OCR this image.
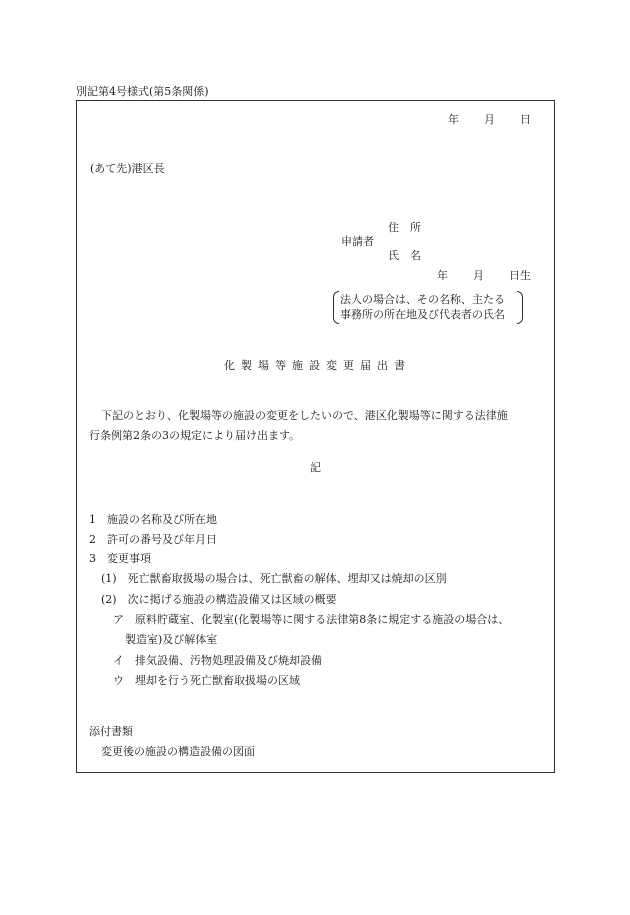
別記第4号様式(第5条関係)
年 月 日
(あて先)港区長
住　所
申請者
氏　名
年 月 日生
法人の場合は、その名称、主たる
事務所の所在地及び代表者の氏名
化製場等施設変更届出書
下記のとおり、化製場等の施設の変更をしたいので、港区化製場等に関する法律施
行条例第2条の3の規定により届け出ます。
記
1　施設の名称及び所在地
2　許可の番号及び年月日
3　変更事項
(1)　死亡獣畜取扱場の場合は、死亡獣畜の解体、埋却又は焼却の区別
(2)　次に掲げる施設の構造設備又は区域の概要
ア　原料貯蔵室、化製室(化製場等に関する法律第8条に規定する施設の場合は、
製造室)及び解体室
イ　排気設備、汚物処理設備及び焼却設備
ウ　埋却を行う死亡獣畜取扱場の区域
添付書類
変更後の施設の構造設備の図面
